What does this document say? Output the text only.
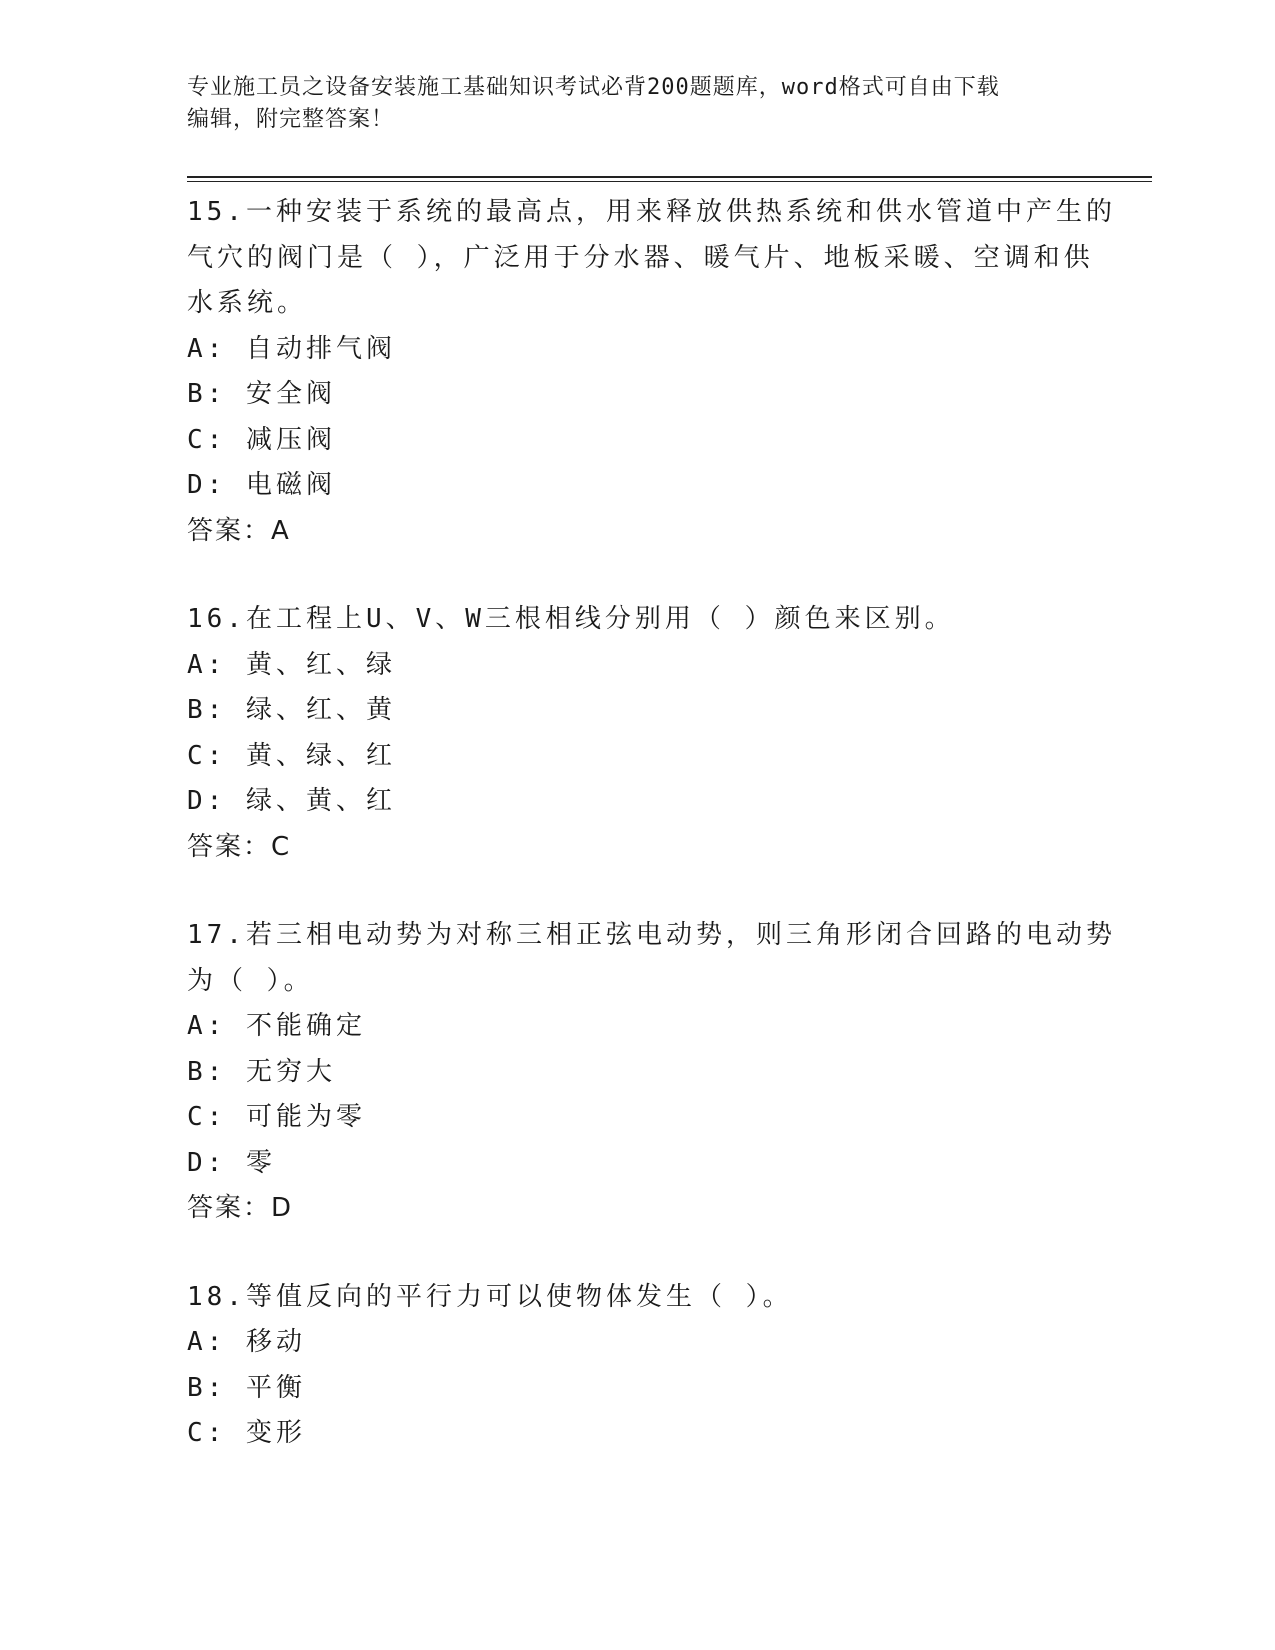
专业施工员之设备安装施工基础知识考试必背200题题库，word格式可自由下载
编辑，附完整答案！
15.一种安装于系统的最高点，用来释放供热系统和供水管道中产生的
气穴的阀门是（ ），广泛用于分水器、暖气片、地板采暖、空调和供
水系统。
A: 自动排气阀
B: 安全阀
C: 减压阀
D: 电磁阀
答案：A
16.在工程上U、V、W三根相线分别用（ ）颜色来区别。
A: 黄、红、绿
B: 绿、红、黄
C: 黄、绿、红
D: 绿、黄、红
答案：C
17.若三相电动势为对称三相正弦电动势，则三角形闭合回路的电动势
为（ ）。
A: 不能确定
B: 无穷大
C: 可能为零
D: 零
答案：D
18.等值反向的平行力可以使物体发生（ ）。
A: 移动
B: 平衡
C: 变形
